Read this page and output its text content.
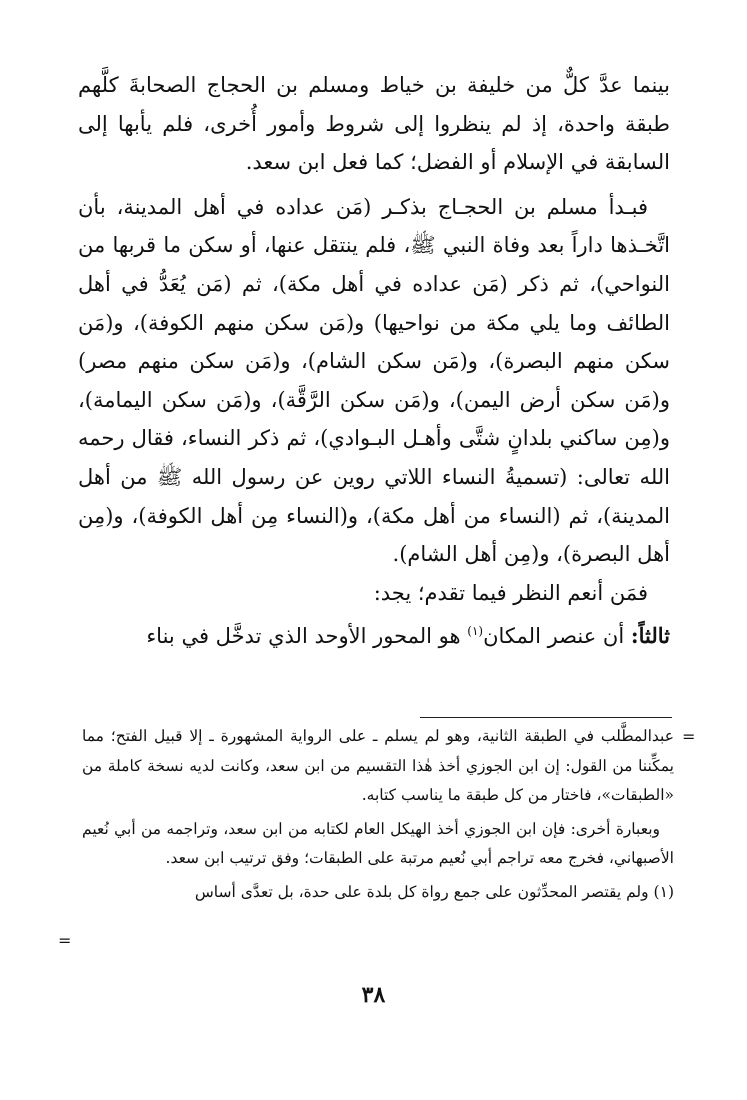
بينما عدَّ كلٌّ من خليفة بن خياط ومسلم بن الحجاج الصحابةَ كلَّهم طبقة واحدة، إذ لم ينظروا إلى شروط وأمور أُخرى، فلم يأبها إلى السابقة في الإسلام أو الفضل؛ كما فعل ابن سعد.

فبـدأ مسلم بن الحجـاج بذكـر (مَن عداده في أهل المدينة، بأن اتَّخـذها داراً بعد وفاة النبي ﷺ، فلم ينتقل عنها، أو سكن ما قربها من النواحي)، ثم ذكر (مَن عداده في أهل مكة)، ثم (مَن يُعَدُّ في أهل الطائف وما يلي مكة من نواحيها) و(مَن سكن منهم الكوفة)، و(مَن سكن منهم البصرة)، و(مَن سكن الشام)، و(مَن سكن منهم مصر) و(مَن سكن أرض اليمن)، و(مَن سكن الرَّقَّة)، و(مَن سكن اليمامة)، و(مِن ساكني بلدانٍ شتَّى وأهـل البـوادي)، ثم ذكر النساء، فقال رحمه الله تعالى: (تسميةُ النساء اللاتي روين عن رسول الله ﷺ من أهل المدينة)، ثم (النساء من أهل مكة)، و(النساء مِن أهل الكوفة)، و(مِن أهل البصرة)، و(مِن أهل الشام).

فمَن أنعم النظر فيما تقدم؛ يجد:

ثالثاً: أن عنصر المكان$^{(١)}$ هو المحور الأوحد الذي تدخَّل في بناء

=

عبدالمطَّلب في الطبقة الثانية، وهو لم يسلم ـ على الرواية المشهورة ـ إلا قبيل الفتح؛ مما يمكِّننا من القول: إن ابن الجوزي أخذ هٰذا التقسيم من ابن سعد، وكانت لديه نسخة كاملة من «الطبقات»، فاختار من كل طبقة ما يناسب كتابه.

وبعبارة أخرى: فإن ابن الجوزي أخذ الهيكل العام لكتابه من ابن سعد، وتراجمه من أبي نُعيم الأصبهاني، فخرج معه تراجم أبي نُعيم مرتبة على الطبقات؛ وفق ترتيب ابن سعد.

(١) ولم يقتصر المحدِّثون على جمع رواة كل بلدة على حدة، بل تعدَّى أساس

=
٣٨
